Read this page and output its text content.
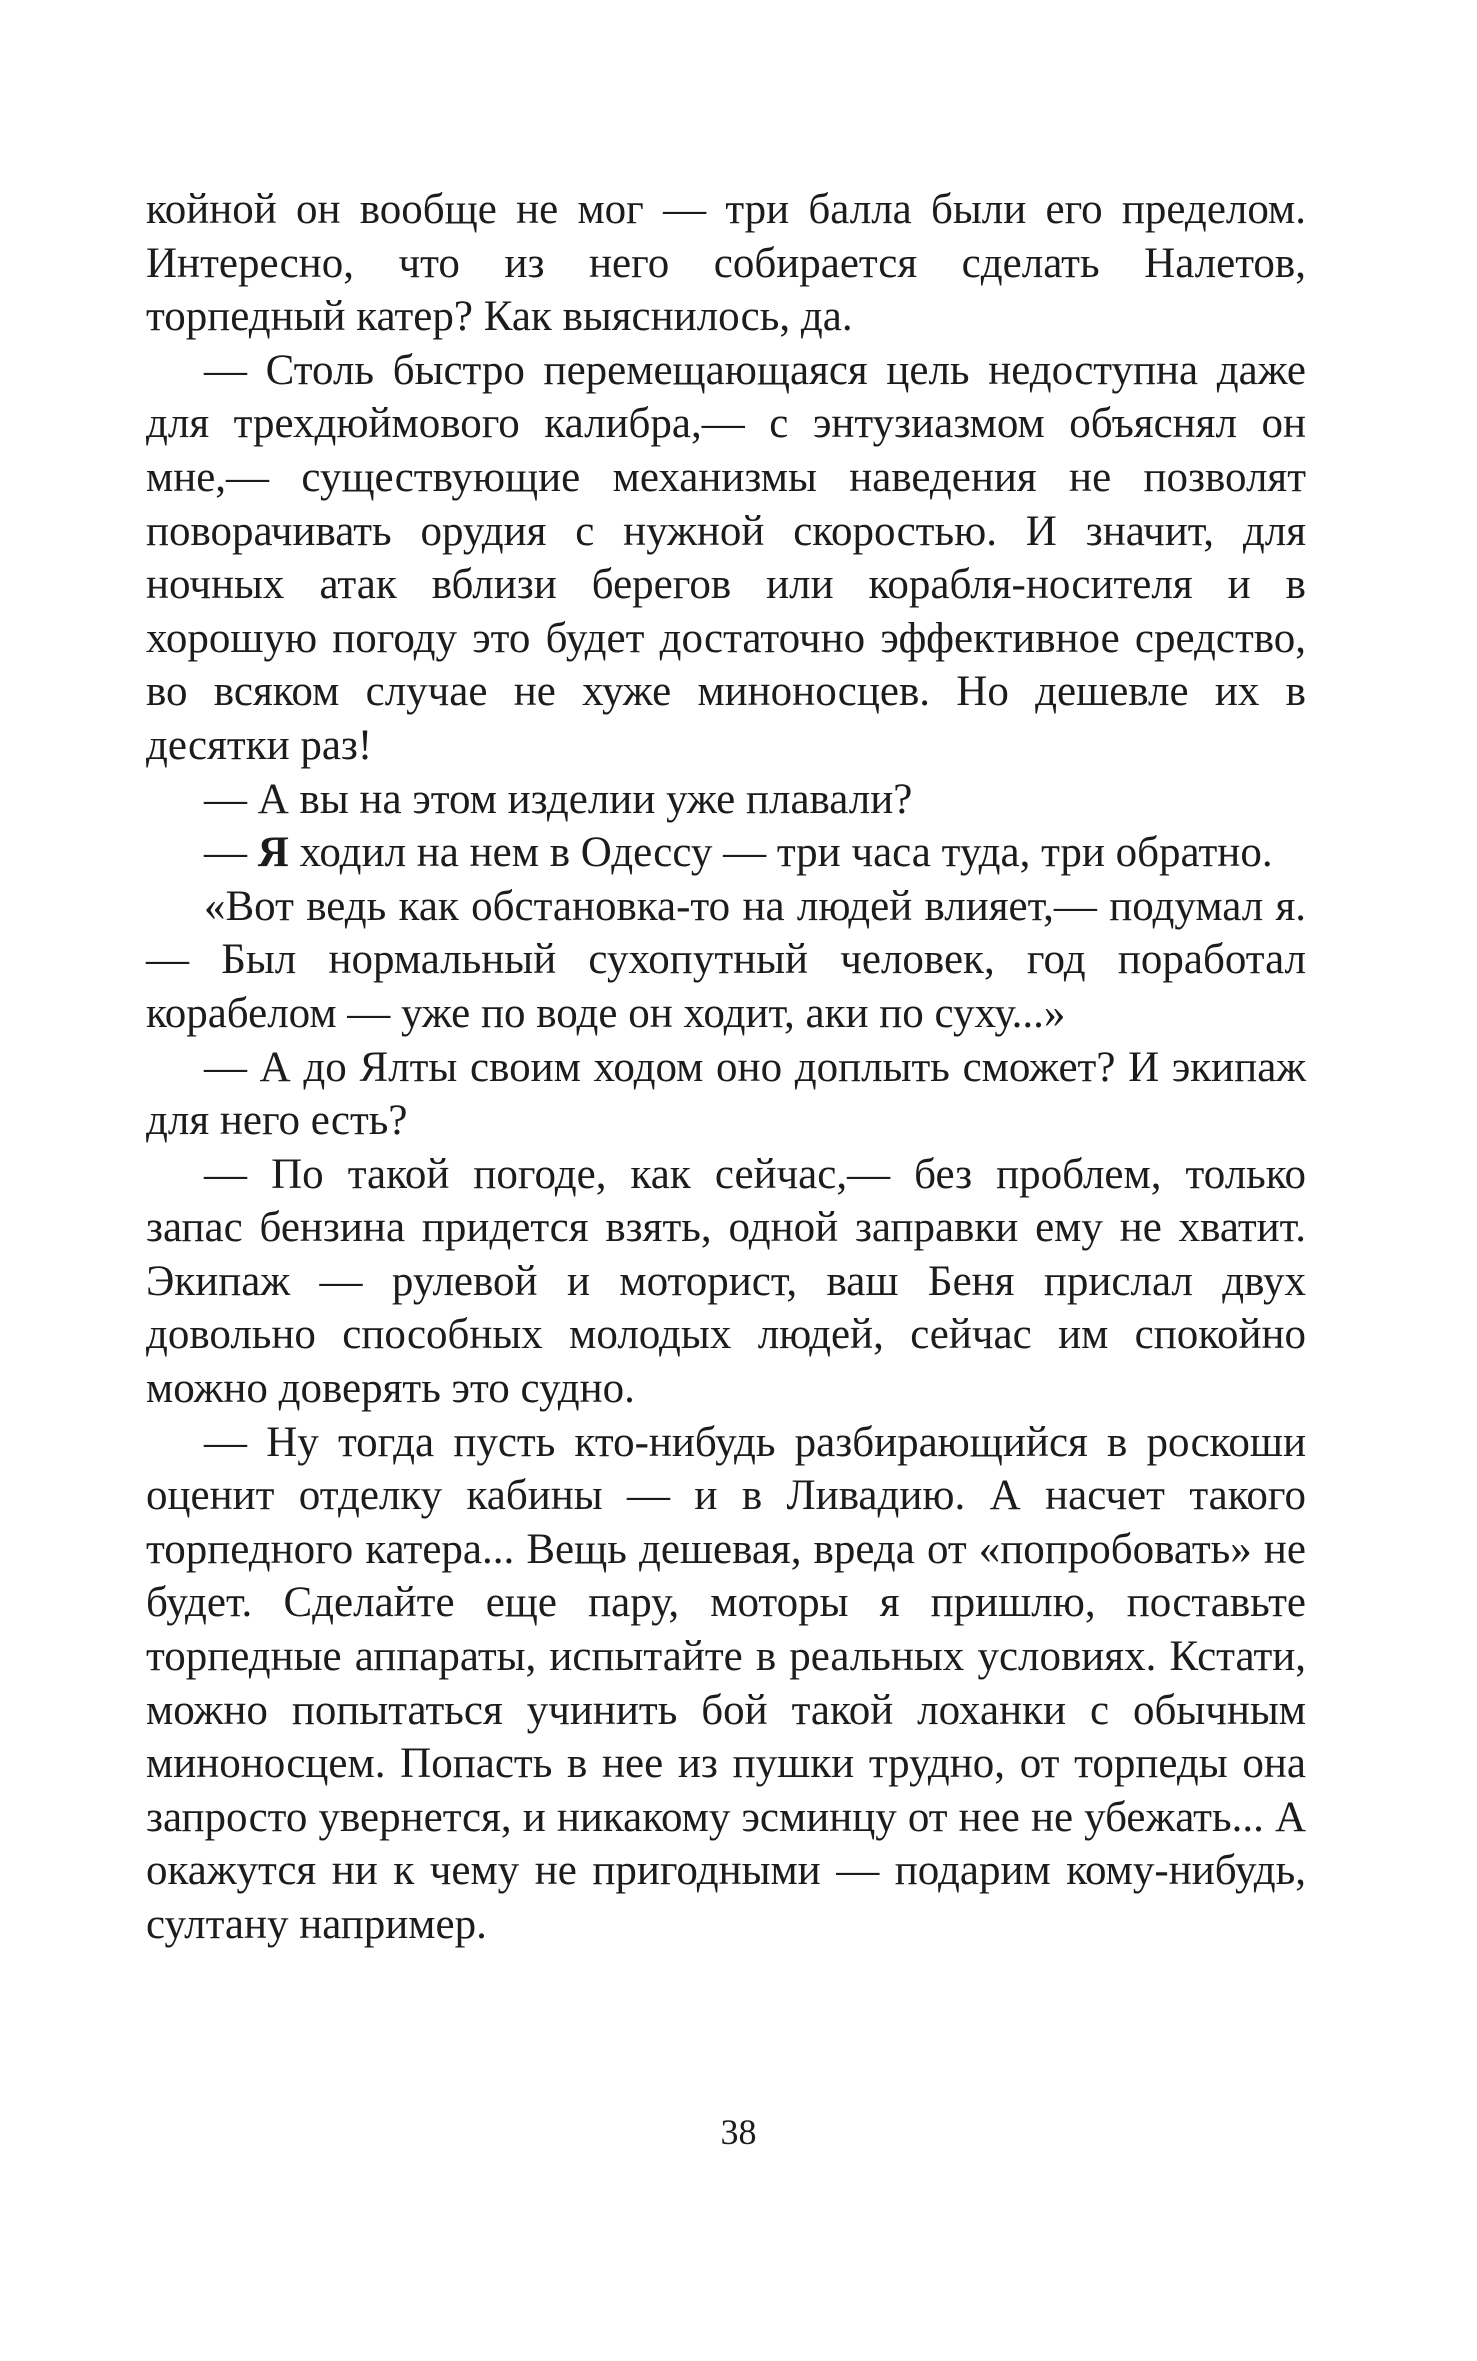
койной он вообще не мог — три балла были его пределом. Интересно, что из него собирается сделать Налетов, торпедный катер? Как выяснилось, да.

— Столь быстро перемещающаяся цель недоступна даже для трехдюймового калибра,— с энтузиазмом объяснял он мне,— существующие механизмы наведения не позволят поворачивать орудия с нужной скоростью. И значит, для ночных атак вблизи берегов или корабля-носителя и в хорошую погоду это будет достаточно эффективное средство, во всяком случае не хуже миноносцев. Но дешевле их в десятки раз!

— А вы на этом изделии уже плавали?

— Я ходил на нем в Одессу — три часа туда, три обратно.

«Вот ведь как обстановка-то на людей влияет,— подумал я.— Был нормальный сухопутный человек, год поработал корабелом — уже по воде он ходит, аки по суху...»

— А до Ялты своим ходом оно доплыть сможет? И экипаж для него есть?

— По такой погоде, как сейчас,— без проблем, только запас бензина придется взять, одной заправки ему не хватит. Экипаж — рулевой и моторист, ваш Беня прислал двух довольно способных молодых людей, сейчас им спокойно можно доверять это судно.

— Ну тогда пусть кто-нибудь разбирающийся в роскоши оценит отделку кабины — и в Ливадию. А насчет такого торпедного катера... Вещь дешевая, вреда от «попробовать» не будет. Сделайте еще пару, моторы я пришлю, поставьте торпедные аппараты, испытайте в реальных условиях. Кстати, можно попытаться учинить бой такой лоханки с обычным миноносцем. Попасть в нее из пушки трудно, от торпеды она запросто увернется, и никакому эсминцу от нее не убежать... А окажутся ни к чему не пригодными — подарим кому-нибудь, султану например.

38
